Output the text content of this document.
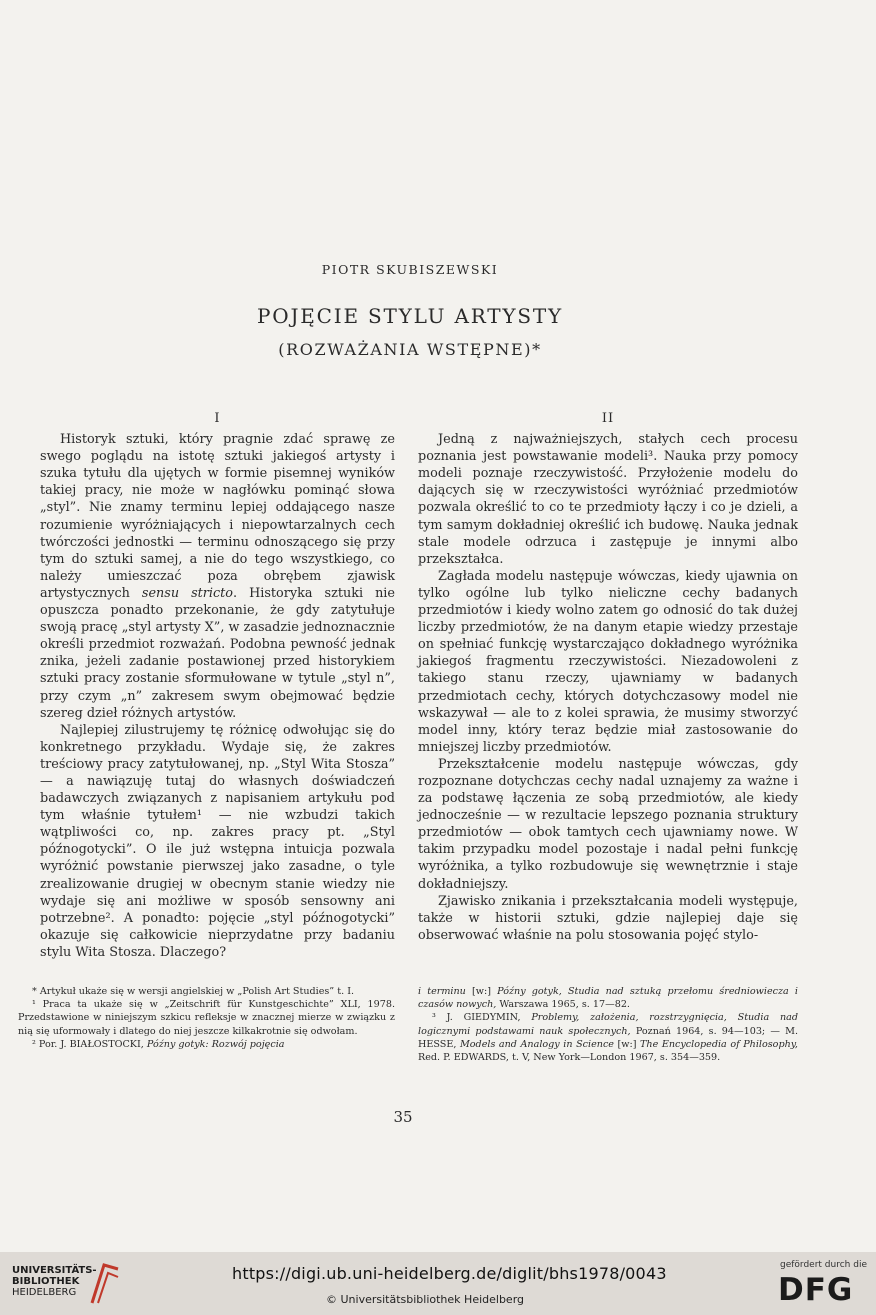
PIOTR SKUBISZEWSKI
POJĘCIE STYLU ARTYSTY
(ROZWAŻANIA WSTĘPNE)*
I

Historyk sztuki, który pragnie zdać sprawę ze swego poglądu na istotę sztuki jakiegoś artysty i szuka tytułu dla ujętych w formie pisemnej wyników takiej pracy, nie może w nagłówku pominąć słowa „styl”. Nie znamy terminu lepiej oddającego nasze rozumienie wyróżniających i niepowtarzalnych cech twórczości jednostki — terminu odnoszącego się przy tym do sztuki samej, a nie do tego wszystkiego, co należy umieszczać poza obrębem zjawisk artystycznych sensu stricto. Historyka sztuki nie opuszcza ponadto przekonanie, że gdy zatytułuje swoją pracę „styl artysty X”, w zasadzie jednoznacznie określi przedmiot rozważań. Podobna pewność jednak znika, jeżeli zadanie postawionej przed historykiem sztuki pracy zostanie sformułowane w tytule „styl n”, przy czym „n” zakresem swym obejmować będzie szereg dzieł różnych artystów.

Najlepiej zilustrujemy tę różnicę odwołując się do konkretnego przykładu. Wydaje się, że zakres treściowy pracy zatytułowanej, np. „Styl Wita Stosza” — a nawiązuję tutaj do własnych doświadczeń badawczych związanych z napisaniem artykułu pod tym właśnie tytułem¹ — nie wzbudzi takich wątpliwości co, np. zakres pracy pt. „Styl późnogotycki”. O ile już wstępna intuicja pozwala wyróżnić powstanie pierwszej jako zasadne, o tyle zrealizowanie drugiej w obecnym stanie wiedzy nie wydaje się ani możliwe w sposób sensowny ani potrzebne². A ponadto: pojęcie „styl późnogotycki” okazuje się całkowicie nieprzydatne przy badaniu stylu Wita Stosza. Dlaczego?

II

Jedną z najważniejszych, stałych cech procesu poznania jest powstawanie modeli³. Nauka przy pomocy modeli poznaje rzeczywistość. Przyłożenie modelu do dających się w rzeczywistości wyróżniać przedmiotów pozwala określić to co te przedmioty łączy i co je dzieli, a tym samym dokładniej określić ich budowę. Nauka jednak stale modele odrzuca i zastępuje je innymi albo przekształca.

Zagłada modelu następuje wówczas, kiedy ujawnia on tylko ogólne lub tylko nieliczne cechy badanych przedmiotów i kiedy wolno zatem go odnosić do tak dużej liczby przedmiotów, że na danym etapie wiedzy przestaje on spełniać funkcję wystarczająco dokładnego wyróżnika jakiegoś fragmentu rzeczywistości. Niezadowoleni z takiego stanu rzeczy, ujawniamy w badanych przedmiotach cechy, których dotychczasowy model nie wskazywał — ale to z kolei sprawia, że musimy stworzyć model inny, który teraz będzie miał zastosowanie do mniejszej liczby przedmiotów.

Przekształcenie modelu następuje wówczas, gdy rozpoznane dotychczas cechy nadal uznajemy za ważne i za podstawę łączenia ze sobą przedmiotów, ale kiedy jednocześnie — w rezultacie lepszego poznania struktury przedmiotów — obok tamtych cech ujawniamy nowe. W takim przypadku model pozostaje i nadal pełni funkcję wyróżnika, a tylko rozbudowuje się wewnętrznie i staje dokładniejszy.

Zjawisko znikania i przekształcania modeli występuje, także w historii sztuki, gdzie najlepiej daje się obserwować właśnie na polu stosowania pojęć stylo-

* Artykuł ukaże się w wersji angielskiej w „Polish Art Studies” t. I.

¹ Praca ta ukaże się w „Zeitschrift für Kunstgeschichte” XLI, 1978. Przedstawione w niniejszym szkicu refleksje w znacznej mierze w związku z nią się uformowały i dlatego do niej jeszcze kilkakrotnie się odwołam.

² Por. J. BIAŁOSTOCKI, Późny gotyk: Rozwój pojęcia

i terminu [w:] Późny gotyk, Studia nad sztuką przełomu średniowiecza i czasów nowych, Warszawa 1965, s. 17—82.

³ J. GIEDYMIN, Problemy, założenia, rozstrzygnięcia, Studia nad logicznymi podstawami nauk społecznych, Poznań 1964, s. 94—103; — M. HESSE, Models and Analogy in Science [w:] The Encyclopedia of Philosophy, Red. P. EDWARDS, t. V, New York—London 1967, s. 354—359.

35
UNIVERSITÄTS-
BIBLIOTHEK
HEIDELBERG
https://digi.ub.uni-heidelberg.de/diglit/bhs1978/0043
© Universitätsbibliothek Heidelberg
gefördert durch die
DFG
